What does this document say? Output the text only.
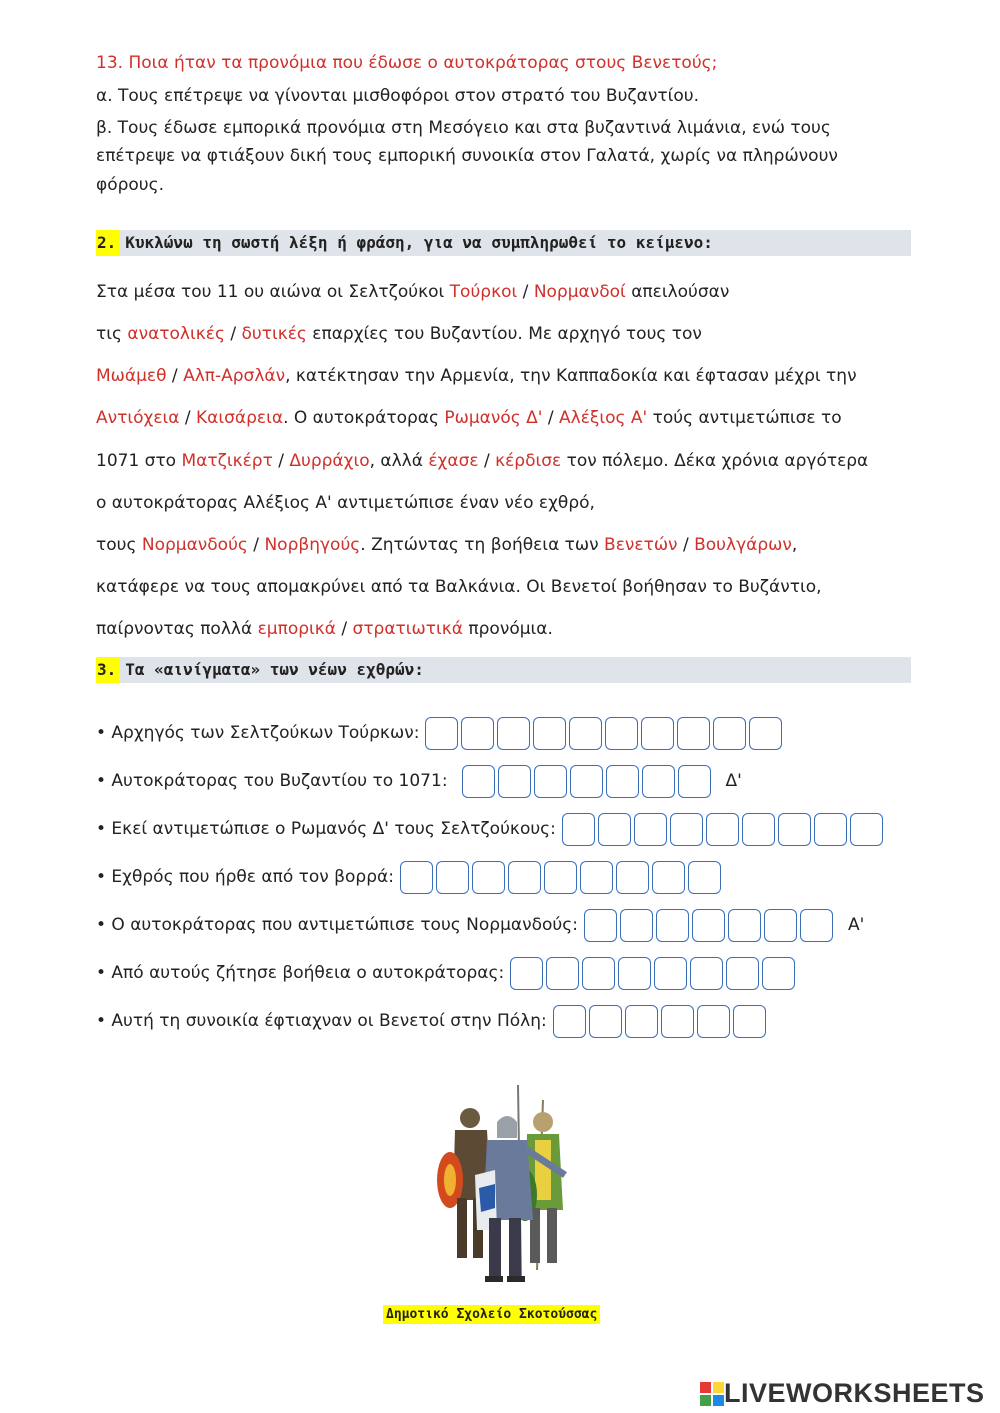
13. Ποια ήταν τα προνόμια που έδωσε ο αυτοκράτορας στους Βενετούς;
α. Τους επέτρεψε να γίνονται μισθοφόροι στον στρατό του Βυζαντίου.
β. Τους έδωσε εμπορικά προνόμια στη Μεσόγειο και στα βυζαντινά λιμάνια, ενώ τους
επέτρεψε να φτιάξουν δική τους εμπορική συνοικία στον Γαλατά, χωρίς να πληρώνουν
φόρους.
2. Κυκλώνω τη σωστή λέξη ή φράση, για να συμπληρωθεί το κείμενο:
Στα μέσα του 11 ου αιώνα οι Σελτζούκοι Τούρκοι / Νορμανδοί απειλούσαν
τις ανατολικές / δυτικές επαρχίες του Βυζαντίου. Με αρχηγό τους τον
Μωάμεθ / Αλπ-Αρσλάν, κατέκτησαν την Αρμενία, την Καππαδοκία και έφτασαν μέχρι την
Αντιόχεια / Καισάρεια. Ο αυτοκράτορας Ρωμανός Δ' / Αλέξιος Α' τούς αντιμετώπισε το
1071 στο Ματζικέρτ / Δυρράχιο, αλλά έχασε / κέρδισε τον πόλεμο. Δέκα χρόνια αργότερα
ο αυτοκράτορας Αλέξιος Α' αντιμετώπισε έναν νέο εχθρό,
τους Νορμανδούς / Νορβηγούς. Ζητώντας τη βοήθεια των Βενετών / Βουλγάρων,
κατάφερε να τους απομακρύνει από τα Βαλκάνια. Οι Βενετοί βοήθησαν το Βυζάντιο,
παίρνοντας πολλά εμπορικά / στρατιωτικά προνόμια.
3. Τα «αινίγματα» των νέων εχθρών:
• Αρχηγός των Σελτζούκων Τούρκων:
• Αυτοκράτορας του Βυζαντίου το 1071:	Δ'
• Εκεί αντιμετώπισε ο Ρωμανός Δ' τους Σελτζούκους:
• Εχθρός που ήρθε από τον βορρά:
• Ο αυτοκράτορας που αντιμετώπισε τους Νορμανδούς:	Α'
• Από αυτούς ζήτησε βοήθεια ο αυτοκράτορας:
• Αυτή τη συνοικία έφτιαχναν οι Βενετοί στην Πόλη:
Δημοτικό Σχολείο Σκοτούσσας
LIVEWORKSHEETS
